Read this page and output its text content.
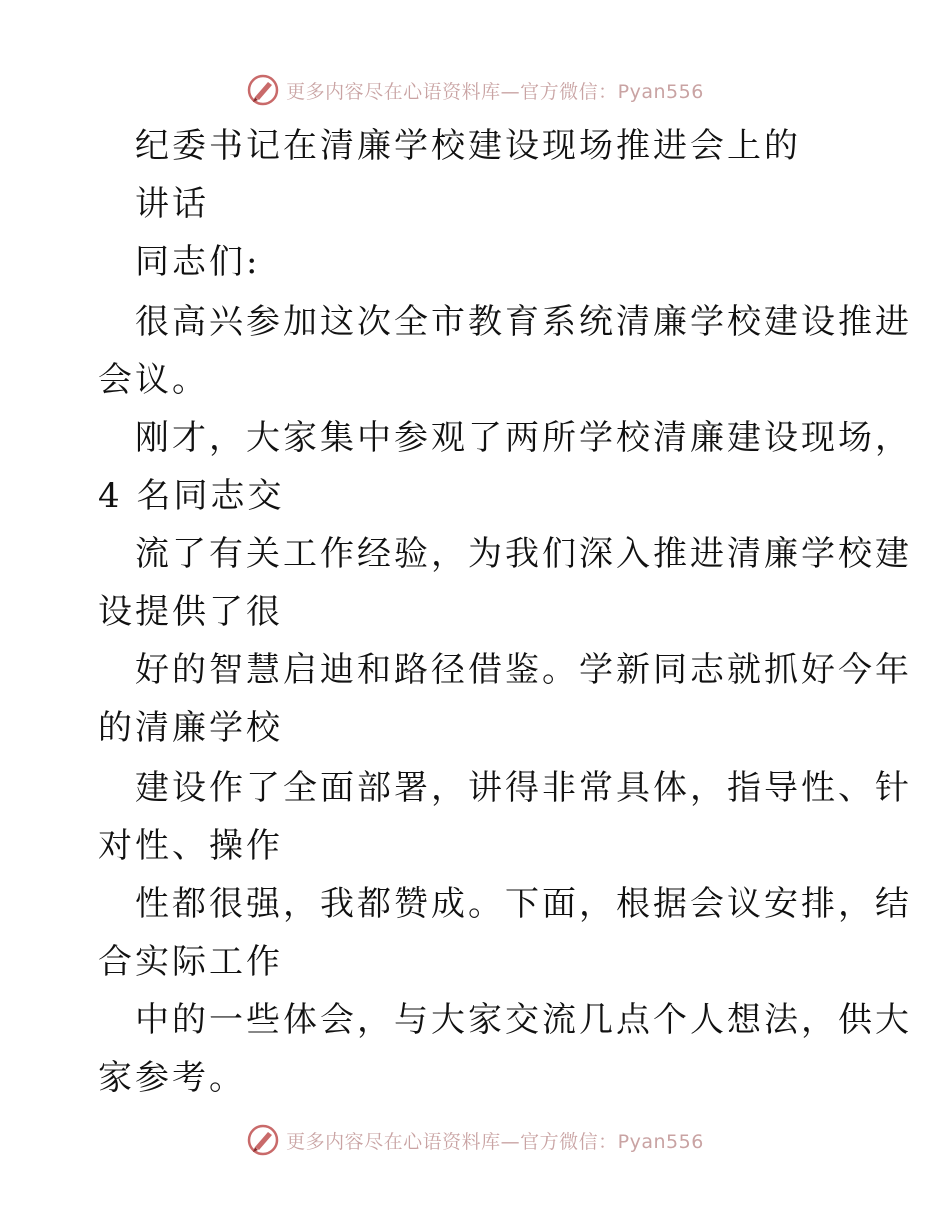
更多内容尽在心语资料库—官方微信：Pyan556
纪委书记在清廉学校建设现场推进会上的
讲话
同志们:
很高兴参加这次全市教育系统清廉学校建设推进
会议。
刚才，大家集中参观了两所学校清廉建设现场，
4 名同志交
流了有关工作经验，为我们深入推进清廉学校建
设提供了很
好的智慧启迪和路径借鉴。学新同志就抓好今年
的清廉学校
建设作了全面部署，讲得非常具体，指导性、针
对性、操作
性都很强，我都赞成。下面，根据会议安排，结
合实际工作
中的一些体会，与大家交流几点个人想法，供大
家参考。
更多内容尽在心语资料库—官方微信：Pyan556
